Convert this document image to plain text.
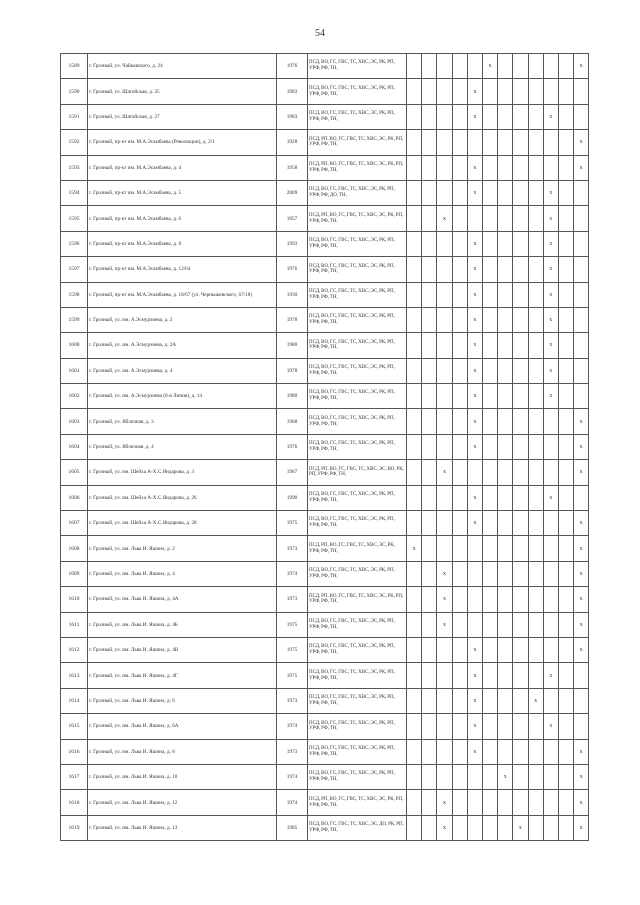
54
1589	г. Грозный, ул. Чайковского, д. 24	1976	ПСД, ВО, ГС, ГВС, ТС, ХВС, ЭС, РК, РП, УРФ, РФ, ТН,						x						x
1590	г. Грозный, ул. Шатойская, д. 25	1983	ПСД, ВО, ГС, ГВС, ТС, ХВС, ЭС, РК, РП, УРФ, РФ, ТН,					x							
1591	г. Грозный, ул. Шатойская, д. 27	1983	ПСД, ВО, ГС, ГВС, ТС, ХВС, ЭС, РК, РП, УРФ, РФ, ТН,					x					x		
1592	г. Грозный, пр-кт им. М.А.Эсамбаева (Революции), д. 2/1	1928	ПСД, РП, ВО, ГС, ГВС, ТС, ХВС, ЭС, РК, РП, УРФ, РФ, ТН,												x
1593	г. Грозный, пр-кт им. М.А.Эсамбаева, д. 4	1958	ПСД, РП, ВО, ГС, ГВС, ТС, ХВС, ЭС, РК, РП, УРФ, РФ, ТН,					x							x
1594	г. Грозный, пр-кт им. М.А.Эсамбаева, д. 5	2009	ПСД, ВО, ГС, ГВС, ТС, ХВС, ЭС, РК, РП, УРФ, РФ, ДО, ТН,					x					x		
1595	г. Грозный, пр-кт им. М.А.Эсамбаева, д. 6	1957	ПСД, РП, ВО, ГС, ГВС, ТС, ХВС, ЭС, РК, РП, УРФ, РФ, ТН,			x							x		
1596	г. Грозный, пр-кт им. М.А.Эсамбаева, д. 8	1993	ПСД, ВО, ГС, ГВС, ТС, ХВС, ЭС, РК, РП, УРФ, РФ, ТН,					x					x		
1597	г. Грозный, пр-кт им. М.А.Эсамбаева, д. 12/64	1976	ПСД, ВО, ГС, ГВС, ТС, ХВС, ЭС, РК, РП, УРФ, РФ, ТН,					x					x		
1598	г. Грозный, пр-кт им. М.А.Эсамбаева, д. 18/67 (ул. Чернышевского, 67/18)	1930	ПСД, ВО, ГС, ГВС, ТС, ХВС, ЭС, РК, РП, УРФ, РФ, ТН,					x					x		
1599	г. Грозный, ул. им. А.Эсмурзиева, д. 2	1978	ПСД, ВО, ГС, ГВС, ТС, ХВС, ЭС, РК, РП, УРФ, РФ, ТН,					x					x		
1600	г. Грозный, ул. им. А.Эсмурзиева, д. 2А	1980	ПСД, ВО, ГС, ГВС, ТС, ХВС, ЭС, РК, РП, УРФ, РФ, ТН,					x					x		
1601	г. Грозный, ул. им. А.Эсмурзиева, д. 4	1978	ПСД, ВО, ГС, ГВС, ТС, ХВС, ЭС, РК, РП, УРФ, РФ, ТН,					x					x		
1602	г. Грозный, ул. им. А.Эсмурзиева (8-я Линия), д. 14	1980	ПСД, ВО, ГС, ГВС, ТС, ХВС, ЭС, РК, РП, УРФ, РФ, ТН,					x					x		
1603	г. Грозный, ул. Яблочная, д. 3	1968	ПСД, ВО, ГС, ГВС, ТС, ХВС, ЭС, РК, РП, УРФ, РФ, ТН,					x							x
1604	г. Грозный, ул. Яблочная, д. 4	1976	ПСД, ВО, ГС, ГВС, ТС, ХВС, ЭС, РК, РП, УРФ, РФ, ТН,					x							x
1605	г. Грозный, ул. им. Шейха А-Х.С.Яндарова, д. 3	1967	ПСД, РП, ВО, ГС, ГВС, ТС, ХВС, ЭС, ВО, РК, РП, УРФ, РФ, ТН,			x									x
1606	г. Грозный, ул. им. Шейха А-Х.С.Яндарова, д. 26	1990	ПСД, ВО, ГС, ГВС, ТС, ХВС, ЭС, РК, РП, УРФ, РФ, ТН,					x					x		
1607	г. Грозный, ул. им. Шейха А-Х.С.Яндарова, д. 28	1975	ПСД, ВО, ГС, ГВС, ТС, ХВС, ЭС, РК, РП, УРФ, РФ, ТН,					x							x
1608	г. Грозный, ул. им. Льва И. Яшина, д. 2	1973	ПСД, РП, ВО, ГС, ГВС, ТС, ХВС, ЭС, РК, УРФ, РФ, ТН,	x											x
1609	г. Грозный, ул. им. Льва И. Яшина, д. 4	1974	ПСД, ВО, ГС, ГВС, ТС, ХВС, ЭС, РК, РП, УРФ, РФ, ТН,			x									x
1610	г. Грозный, ул. им. Льва И. Яшина, д. 4А	1973	ПСД, РП, ВО, ГС, ГВС, ТС, ХВС, ЭС, РК, РП, УРФ, РФ, ТН,			x									x
1611	г. Грозный, ул. им. Льва И. Яшина, д. 4Б	1975	ПСД, ВО, ГС, ГВС, ТС, ХВС, ЭС, РК, РП, УРФ, РФ, ТН,			x									x
1612	г. Грозный, ул. им. Льва И. Яшина, д. 4В	1975	ПСД, ВО, ГС, ГВС, ТС, ХВС, ЭС, РК, РП, УРФ, РФ, ТН,					x							x
1613	г. Грозный, ул. им. Льва И. Яшина, д. 4Г	1975	ПСД, ВО, ГС, ГВС, ТС, ХВС, ЭС, РК, РП, УРФ, РФ, ТН,					x					x		
1614	г. Грозный, ул. им. Льва И. Яшина, д. 6	1973	ПСД, ВО, ГС, ГВС, ТС, ХВС, ЭС, РК, РП, УРФ, РФ, ТН,					x				x			
1615	г. Грозный, ул. им. Льва И. Яшина, д. 6А	1974	ПСД, ВО, ГС, ГВС, ТС, ХВС, ЭС, РК, РП, УРФ, РФ, ТН,					x					x		
1616	г. Грозный, ул. им. Льва И. Яшина, д. 8	1973	ПСД, ВО, ГС, ГВС, ТС, ХВС, ЭС, РК, РП, УРФ, РФ, ТН,					x							x
1617	г. Грозный, ул. им. Льва И. Яшина, д. 10	1974	ПСД, ВО, ГС, ГВС, ТС, ХВС, ЭС, РК, РП, УРФ, РФ, ТН,							x					x
1618	г. Грозный, ул. им. Льва И. Яшина, д. 12	1974	ПСД, РП, ВО, ГС, ГВС, ТС, ХВС, ЭС, РК, РП, УРФ, РФ, ТН,			x									x
1619	г. Грозный, ул. им. Льва И. Яшина, д. 13	1985	ПСД, ВО, ГС, ГВС, ТС, ХВС, ЭС, ДО, РК, РП, УРФ, РФ, ТН,			x					x				x
